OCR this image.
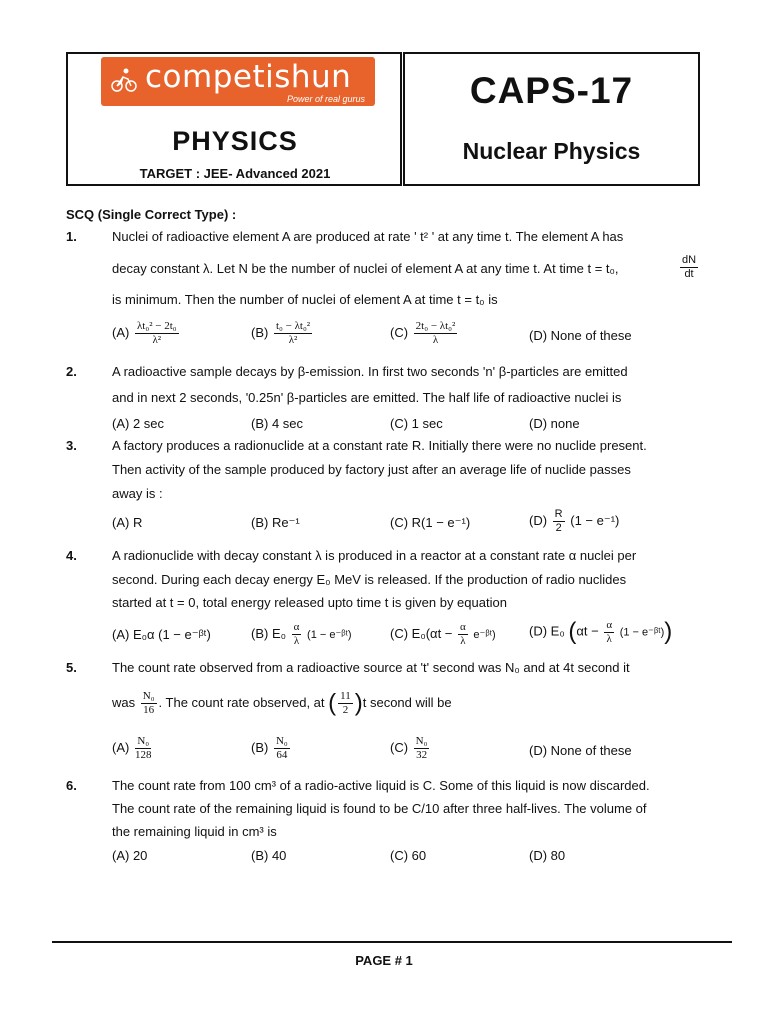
competishun
Power of real gurus
PHYSICS
TARGET : JEE- Advanced 2021
CAPS-17
Nuclear Physics
SCQ (Single Correct Type) :
1.	Nuclei of radioactive element A are produced at rate ' t² ' at any time t. The element A has
decay constant λ. Let N be the number of nuclei of element A at any time t. At time t = t₀,	$\frac{dN}{dt}$
is minimum. Then the number of nuclei of element A at time t = t₀ is
$(A) \frac{\text{λt₀² − 2t₀}}{\text{λ²}}$	$(B) \frac{\text{t₀ − λt₀²}}{\text{λ²}}$	$(C) \frac{\text{2t₀ − λt₀²}}{\lambda}$	(D) None of these
2.	A radioactive sample decays by β-emission. In first two seconds 'n' β-particles are emitted
and in next 2 seconds, '0.25n' β-particles are emitted. The half life of radioactive nuclei is
(A) 2 sec	(B) 4 sec	(C) 1 sec	(D) none
3.	A factory produces a radionuclide at a constant rate R. Initially there were no nuclide present.
Then activity of the sample produced by factory just after an average life of nuclide passes
away is :
(A) R	(B) Re⁻¹	(C) R(1 − e⁻¹)	$(D) \frac{R}{2} (1 - e^{-1})$
4.	A radionuclide with decay constant λ is produced in a reactor at a constant rate α nuclei per
second. During each decay energy E₀ MeV is released. If the production of radio nuclides
started at t = 0, total energy released upto time t is given by equation
(A) E₀α (1 − e⁻ᵝᵗ)	(B) $E_0 \frac{\alpha}{\lambda} (1$ − e⁻ᵝᵗ)	(C) $E_0(\alpha t - \frac{\alpha}{\lambda}$ e⁻ᵝᵗ)	(D) E₀ ($\alpha t - \frac{\alpha}{\lambda} (1$ − e⁻ᵝᵗ))
5.	The count rate observed from a radioactive source at 't' second was N₀ and at 4t second it
was $\frac{\text{N₀}}{16}$ . The count rate observed, at ( $\frac{11}{2} )t$ second will be
$(A) \frac{\text{N₀}}{128}$	$(B) \frac{\text{N₀}}{64}$	$(C) \frac{\text{N₀}}{32}$	(D) None of these
6.	The count rate from 100 cm³ of a radio-active liquid is C. Some of this liquid is now discarded.
The count rate of the remaining liquid is found to be C/10 after three half-lives. The volume of
the remaining liquid in cm³ is
(A) 20	(B) 40	(C) 60	(D) 80
PAGE # 1
